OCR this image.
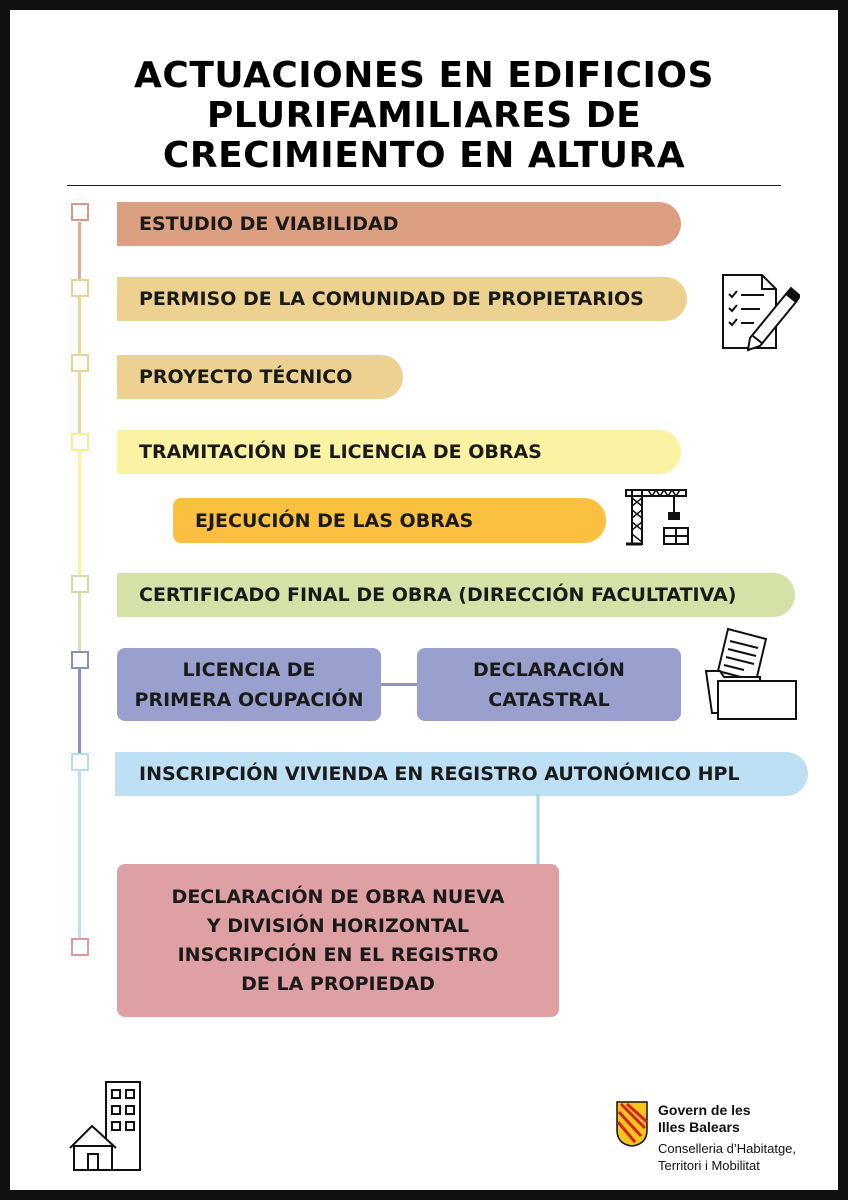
ACTUACIONES EN EDIFICIOS
PLURIFAMILIARES DE
CRECIMIENTO EN ALTURA
ESTUDIO DE VIABILIDAD
PERMISO DE LA COMUNIDAD DE PROPIETARIOS
PROYECTO TÉCNICO
TRAMITACIÓN DE LICENCIA DE OBRAS
EJECUCIÓN DE LAS OBRAS
CERTIFICADO FINAL DE OBRA (DIRECCIÓN FACULTATIVA)
LICENCIA DE
PRIMERA OCUPACIÓN
DECLARACIÓN
CATASTRAL
INSCRIPCIÓN VIVIENDA EN REGISTRO AUTONÓMICO HPL
DECLARACIÓN DE OBRA NUEVA
Y DIVISIÓN HORIZONTAL
INSCRIPCIÓN EN EL REGISTRO
DE LA PROPIEDAD
Govern de les
Illes Balears
Conselleria d’Habitatge,
Territori i Mobilitat
